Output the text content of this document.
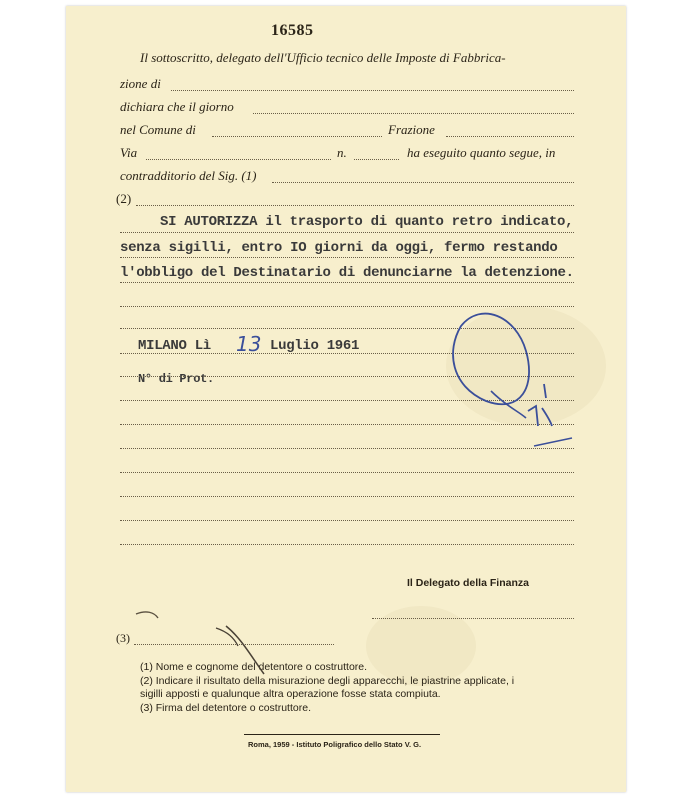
16585
Il sottoscritto, delegato dell'Ufficio tecnico delle Imposte di Fabbrica-
zione di
dichiara che il giorno
nel Comune di	Frazione
Via	n.	ha eseguito quanto segue, in
contradditorio del Sig. (1)
(2)
SI AUTORIZZA il trasporto di quanto retro indicato,
senza sigilli, entro IO giorni da oggi, fermo restando
l'obbligo del Destinatario di denunciarne la detenzione.
MILANO Lì 13 Luglio 1961
N° di Prot.
Il Delegato della Finanza
(3)
(1) Nome e cognome del detentore o costruttore.
(2) Indicare il risultato della misurazione degli apparecchi, le piastrine applicate, i
sigilli apposti e qualunque altra operazione fosse stata compiuta.
(3) Firma del detentore o costruttore.
Roma, 1959 - Istituto Poligrafico dello Stato V. G.
